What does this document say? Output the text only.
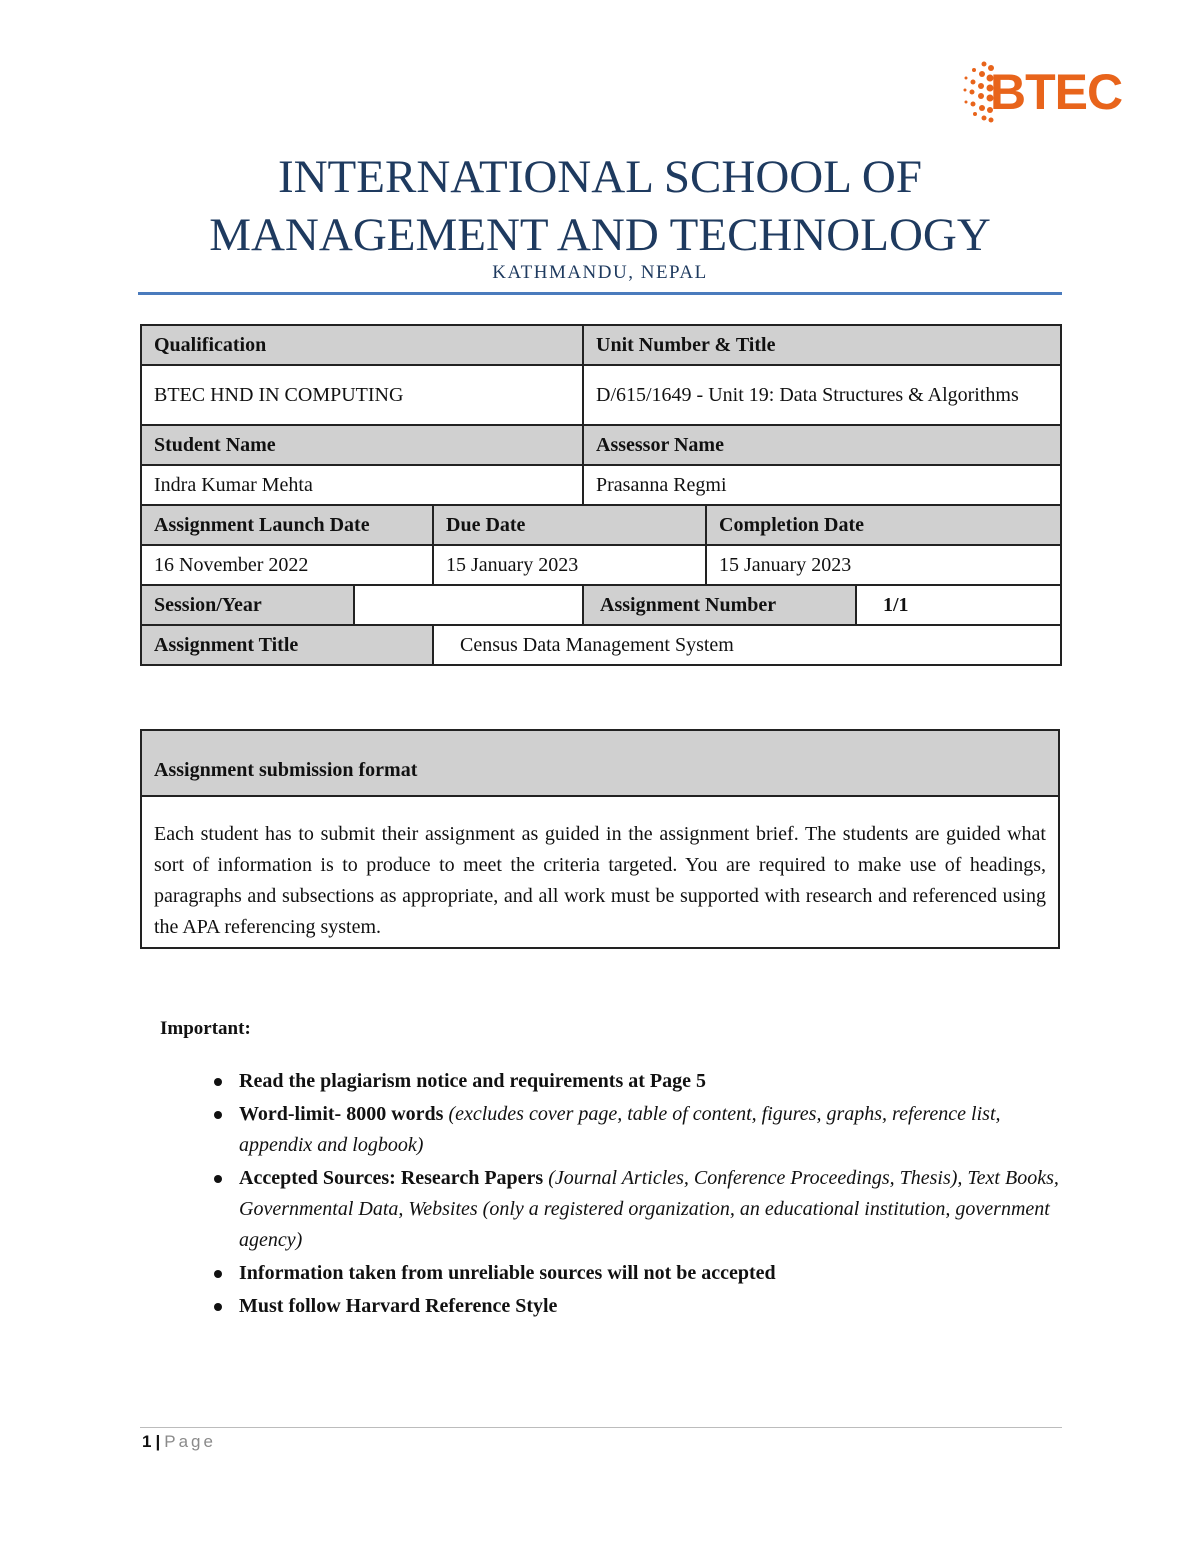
BTEC
INTERNATIONAL SCHOOL OF MANAGEMENT AND TECHNOLOGY
KATHMANDU, NEPAL
Qualification			Unit Number & Title		
BTEC HND IN COMPUTING			D/615/1649 - Unit 19: Data Structures & Algorithms		
Student Name			Assessor Name		
Indra Kumar Mehta			Prasanna Regmi		
Assignment Launch Date		Due Date		Completion Date	
16 November 2022		15 January 2023		15 January 2023	
Session/Year			Assignment Number		1/1
Assignment Title		Census Data Management System			
Assignment submission format
Each student has to submit their assignment as guided in the assignment brief. The students are guided what sort of information is to produce to meet the criteria targeted. You are required to make use of headings, paragraphs and subsections as appropriate, and all work must be supported with research and referenced using the APA referencing system.
Important:
Read the plagiarism notice and requirements at Page 5
Word-limit- 8000 words (excludes cover page, table of content, figures, graphs, reference list, appendix and logbook)
Accepted Sources: Research Papers (Journal Articles, Conference Proceedings, Thesis), Text Books, Governmental Data, Websites (only a registered organization, an educational institution, government agency)
Information taken from unreliable sources will not be accepted
Must follow Harvard Reference Style
1 | Page
